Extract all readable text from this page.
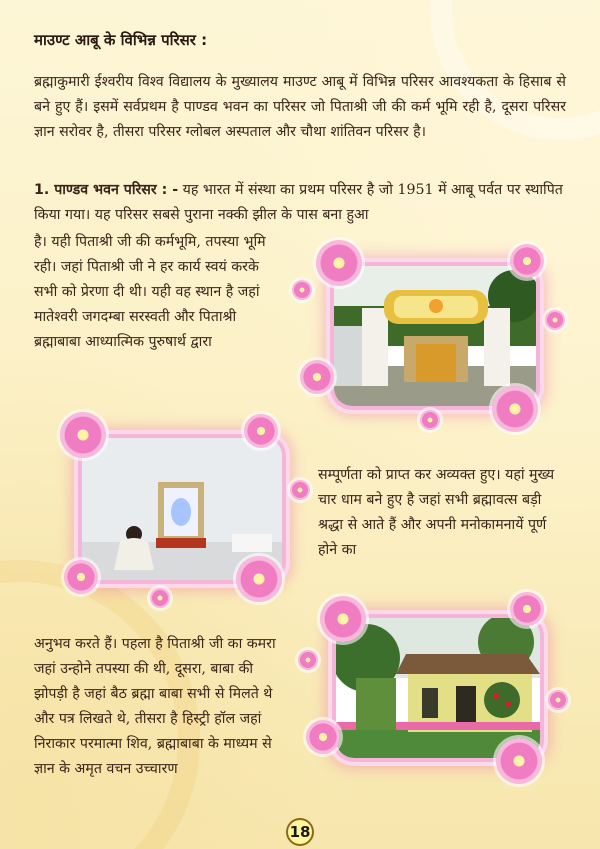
माउण्ट आबू के विभिन्न परिसर :

ब्रह्माकुमारी ईश्वरीय विश्व विद्यालय के मुख्यालय माउण्ट आबू में विभिन्न परिसर आवश्यकता के हिसाब से बने हुए हैं। इसमें सर्वप्रथम है पाण्डव भवन का परिसर जो पिताश्री जी की कर्म भूमि रही है, दूसरा परिसर ज्ञान सरोवर है, तीसरा परिसर ग्लोबल अस्पताल और चौथा शांतिवन परिसर है।

1. पाण्डव भवन परिसर : - यह भारत में संस्था का प्रथम परिसर है जो 1951 में आबू पर्वत पर स्थापित किया गया। यह परिसर सबसे पुराना नक्की झील के पास बना हुआ

है। यही पिताश्री जी की कर्मभूमि, तपस्या भूमि रही। जहां पिताश्री जी ने हर कार्य स्वयं करके सभी को प्रेरणा दी थी। यही वह स्थान है जहां मातेश्वरी जगदम्बा सरस्वती और पिताश्री ब्रह्माबाबा आध्यात्मिक पुरुषार्थ द्वारा

सम्पूर्णता को प्राप्त कर अव्यक्त हुए। यहां मुख्य चार धाम बने हुए है जहां सभी ब्रह्मावत्स बड़ी श्रद्धा से आते हैं और अपनी मनोकामनायें पूर्ण होने का

अनुभव करते हैं। पहला है पिताश्री जी का कमरा जहां उन्होने तपस्या की थी, दूसरा, बाबा की झोपड़ी है जहां बैठ ब्रह्मा बाबा सभी से मिलते थे और पत्र लिखते थे, तीसरा है हिस्ट्री हॉल जहां निराकार परमात्मा शिव, ब्रह्माबाबा के माध्यम से ज्ञान के अमृत वचन उच्चारण

18
